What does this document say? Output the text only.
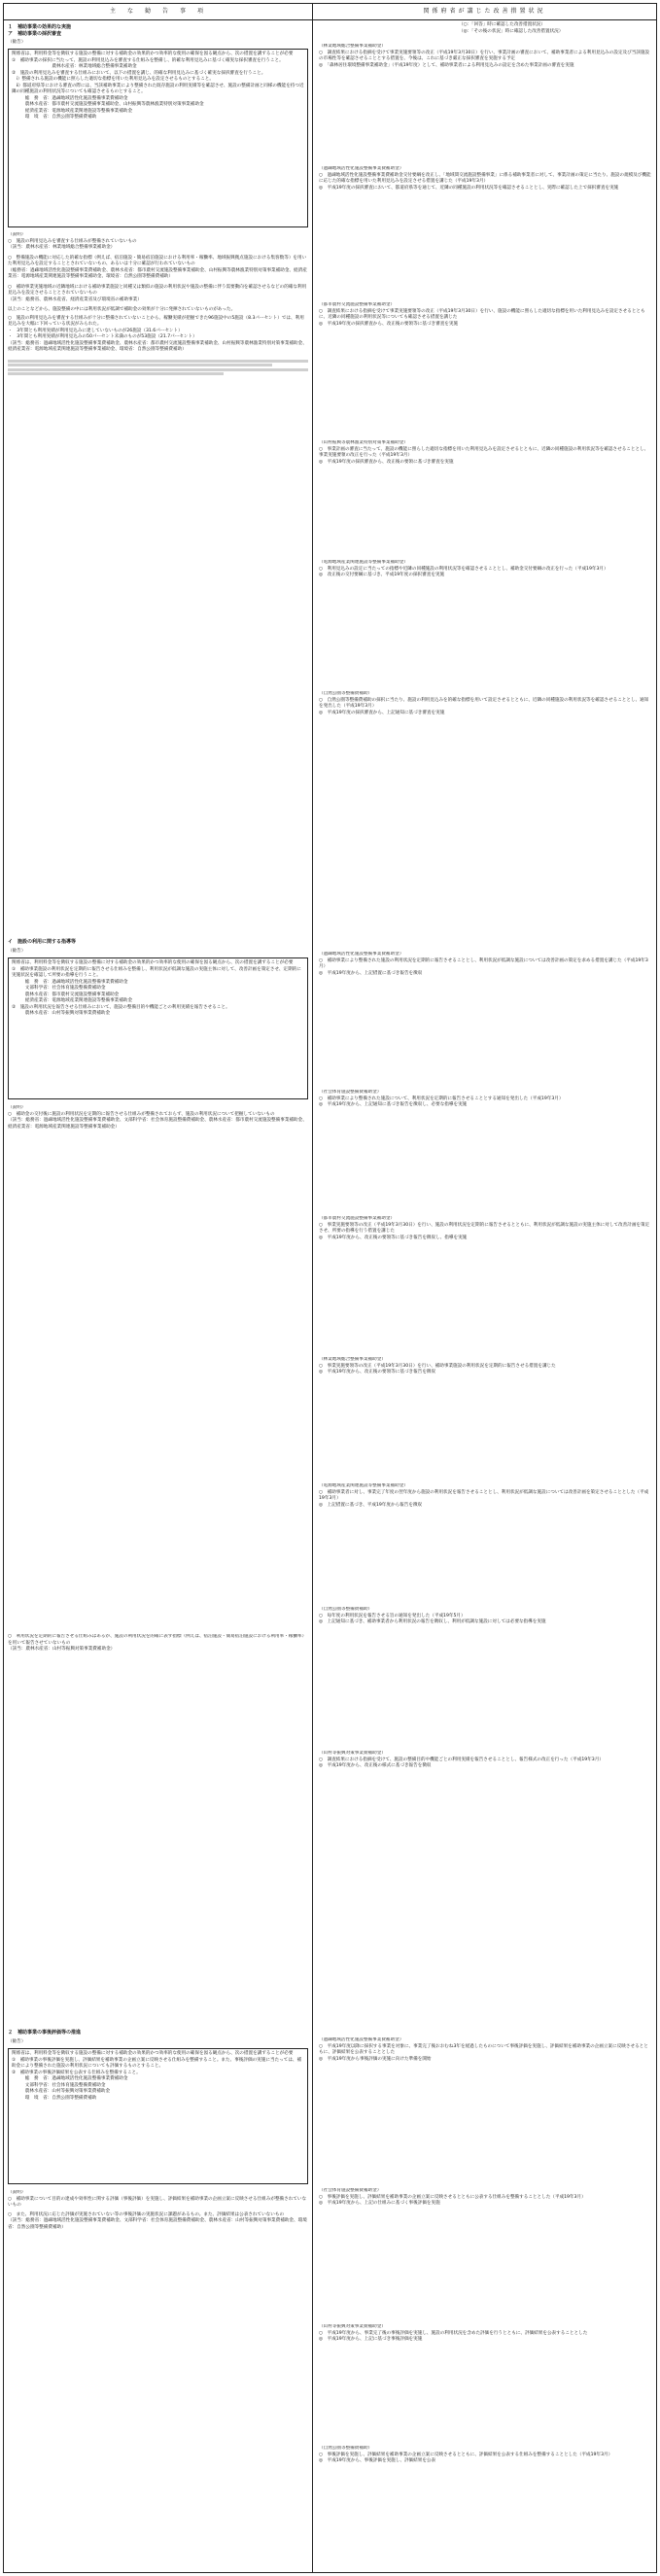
主　な　勧　告　事　項	関係府省が講じた改善措置状況
１　補助事業の効果的な実施
ア　補助事業の採択審査
（勧告）
関係省は、利用料金等を徴収する施設の整備に対する補助金の効果的かつ効率的な使用の確保を図る観点から、次の措置を講ずることが必要
①　補助事業の採択に当たって、施設の利用見込みを審査する仕組みを整備し、的確な利用見込みに基づく確実な採択審査を行うこと。
　　　　　　　　　農林水産省：林業地域総合整備事業補助金
②　施設の利用見込みを審査する仕組みにおいて、以下の措置を講じ、的確な利用見込みに基づく確実な採択審査を行うこと。
　ⅰ）整備される施設の機能に照らした適切な指標を用いた利用見込みを設定させるものとすること。
　ⅱ）都道府県等における審査の際には、当該補助事業により整備された既存施設の利用実績等を確認させ、施設の整備計画と同様の機能を持つ近隣の同種施設の利用状況等についても確認させるものとすること。
　　　総　務　省：過疎地域活性化施設整備事業費補助金
　　　農林水産省：都市農村交流施設整備事業補助金、山村振興等農林漁業特別対策事業補助金
　　　経済産業省：電源地域産業関連施設等整備事業補助金
　　　環　境　省：自然公園等整備費補助
（説明）
○　施設の利用見込みを審査する仕組みが整備されていないもの
（該当：農林水産省：林業地域総合整備事業補助金）
○　整備施設の機能に対応した的確な指標（例えば、宿泊施設・簡易宿泊施設における利用率・稼働率、地域振興拠点施設における集客数等）を用いた利用見込みを設定することとされていないもの、あるいは十分に確認が行われていないもの
（総務省：過疎地域活性化施設整備事業費補助金、農林水産省：都市農村交流施設整備事業補助金、山村振興等農林漁業特別対策事業補助金、経済産業省：電源地域産業関連施設等整備事業補助金、環境省：自然公園等整備費補助）
○　補助事業実施地域の近隣地域における補助事業施設と同種又は類似の施設の利用状況や施設の整備に伴う需要動向を確認させるなどの的確な利用見込みを設定させることとされていないもの
（該当：総務省、農林水産省、経済産業省及び環境省の補助事業）
以上のことなどから、施設整備の中には利用状況が低調で補助金の効果が十分に発揮されていないものがあった。
○　施設の利用見込みを審査する仕組みが十分に整備されていないことから、稼働実績が把握できた96施設中の5施設（8.3パーセント）では、利用見込みを大幅に下回っている状況がみられた。
・　3年間とも利用実績が利用見込みに達していないものが26施設（31.6パーセント）
・　3年間とも利用実績が利用見込みの50パーセント未満のものが53施設（21.7パーセント）
（該当：総務省：過疎地域活性化施設整備事業費補助金、農林水産省：都市農村交流施設整備事業補助金、山村振興等農林漁業特別対策事業補助金、経済産業省：電源地域産業関連施設等整備事業補助金、環境省：自然公園等整備費補助）
イ　施設の利用に関する指導等
（勧告）
関係省は、利用料金等を徴収する施設の整備に対する補助金の効果的かつ効率的な使用の確保を図る観点から、次の措置を講ずることが必要
①　補助事業施設の利用状況を定期的に報告させる仕組みを整備し、利用状況が低調な施設の実施主体に対して、改善計画を策定させ、定期的に実施状況を確認して所要の指導を行うこと。
　　　総　務　省：過疎地域活性化施設整備事業費補助金
　　　文部科学省：社会体育施設整備費補助金
　　　農林水産省：都市農村交流施設整備事業補助金
　　　経済産業省：電源地域産業関連施設等整備事業補助金
②　施設の利用状況を報告させる仕組みにおいて、施設の整備目的や機能ごとの利用実績を報告させること。
　　　農林水産省：山村等振興対策事業費補助金
（説明）
○　補助金の交付後に施設の利用状況を定期的に報告させる仕組みが整備されておらず、施設の利用状況について把握していないもの
（該当：総務省：過疎地域活性化施設整備事業費補助金、文部科学省：社会体育施設整備費補助金、農林水産省：都市農村交流施設整備事業補助金、経済産業省：電源地域産業関連施設等整備事業補助金）
○　利用状況を定期的に報告させる仕組みはあるが、施設の利用状況を的確に表す指標（例えば、宿泊施設・簡易宿泊施設における利用率・稼働率）を用いて報告させていないもの
（該当：農林水産省：山村等振興対策事業費補助金）
２　補助事業の事後評価等の推進
（勧告）
関係省は、利用料金等を徴収する施設の整備に対する補助金の効果的かつ効率的な使用の確保を図る観点から、次の措置を講ずることが必要
①　補助事業の事後評価を実施し、評価結果を補助事業の企画立案に反映させる仕組みを整備すること。また、事後評価の実施に当たっては、補助金により整備された施設の利用状況についても評価するものとすること。
②　補助事業の事後評価結果を公表する仕組みを整備すること。
　　　総　務　省：過疎地域活性化施設整備事業費補助金
　　　文部科学省：社会体育施設整備費補助金
　　　農林水産省：山村等振興対策事業費補助金
　　　環　境　省：自然公園等整備費補助
（説明）
○　補助事業について目的の達成や効率性に関する評価（事後評価）を実施し、評価結果を補助事業の企画立案に反映させる仕組みが整備されていないもの
○　また、利用状況に応じた評価が実施されていない等の事後評価の実施状況に課題があるもの。また、評価結果は公表されていないもの
（該当：総務省：過疎地域活性化施設整備事業費補助金、文部科学省：社会体育施設整備費補助金、農林水産省：山村等振興対策事業費補助金、環境省：自然公園等整備費補助）
（○：「回答」時に確認した改善措置状況）
（◎：「その後の状況」時に確認した改善措置状況）
（林業地域総合整備事業補助金）
○　調査結果における指摘を受けて事業実施要領等の改正（平成19年3月30日）を行い、事業計画の審査において、補助事業者による利用見込みの設定及び当該施設の市場性等を確認させることとする措置を、今後は、これに基づき厳正な採択審査を実施する予定
◎　「森林居住環境整備事業補助金」（平成19年度）として、補助事業者による利用見込みの設定を含めた事業計画の審査を実施
（過疎地域活性化施設整備事業費補助金）
○　過疎地域活性化施設整備事業費補助金交付要綱を改正し、「地域間交流施設整備事業」に係る補助事業者に対して、事業計画の策定に当たり、施設の規模及び機能に応じた的確な指標を用いた利用見込みを設定させる措置を講じた（平成19年3月）
◎　平成19年度の採択審査において、都道府県等を通じて、近隣の同種施設の利用状況等を確認させることとし、実際に確認した上で採択審査を実施
（都市農村交流施設整備事業補助金）
○　調査結果における指摘を受けて事業実施要領等の改正（平成19年3月30日）を行い、施設の機能に照らした適切な指標を用いた利用見込みを設定させるとともに、近隣の同種施設の利用状況等についても確認させる措置を講じた
◎　平成19年度の採択審査から、改正後の要領等に基づき審査を実施
（山村振興等農林漁業特別対策事業補助金）
○　事業計画の審査に当たって、施設の機能に照らした適切な指標を用いた利用見込みを設定させるとともに、近隣の同種施設の利用状況等を確認させることとし、事業実施要領の改正を行った（平成19年3月）
◎　平成19年度の採択審査から、改正後の要領に基づき審査を実施
（電源地域産業関連施設等整備事業補助金）
○　利用見込みの設定に当たっての指標や近隣の同種施設の利用状況等を確認させることとし、補助金交付要綱の改正を行った（平成19年3月）
◎　改正後の交付要綱に基づき、平成19年度の採択審査を実施
（自然公園等整備費補助）
○　自然公園等整備費補助の採択に当たり、施設の利用見込みを的確な指標を用いて設定させるとともに、近隣の同種施設の利用状況等を確認させることとし、通知を発出した（平成19年3月）
◎　平成19年度の採択審査から、上記通知に基づき審査を実施
（過疎地域活性化施設整備事業費補助金）
○　補助事業により整備された施設の利用状況を定期的に報告させることとし、利用状況が低調な施設については改善計画の策定を求める措置を講じた（平成19年3月）
◎　平成19年度から、上記措置に基づき報告を徴収
（社会体育施設整備費補助金）
○　補助事業により整備された施設について、利用状況を定期的に報告させることとする通知を発出した（平成19年3月）
◎　平成19年度から、上記通知に基づき報告を徴収し、必要な指導を実施
（都市農村交流施設整備事業補助金）
○　事業実施要領等の改正（平成19年3月30日）を行い、施設の利用状況を定期的に報告させるとともに、利用状況が低調な施設の実施主体に対して改善計画を策定させ、所要の指導を行う措置を講じた
◎　平成19年度から、改正後の要領等に基づき報告を徴収し、指導を実施
（林業地域総合整備事業補助金）
○　事業実施要領等の改正（平成19年3月30日）を行い、補助事業施設の利用状況を定期的に報告させる措置を講じた
◎　平成19年度から、改正後の要領等に基づき報告を徴収
（電源地域産業関連施設等整備事業補助金）
○　補助事業者に対し、事業完了年度の翌年度から施設の利用状況を報告させることとし、利用状況が低調な施設については改善計画を策定させることとした（平成19年3月）
◎　上記措置に基づき、平成19年度から報告を徴収
（自然公園等整備費補助）
○　毎年度の利用状況を報告させる旨の通知を発出した（平成19年5月）
◎　上記通知に基づき、補助事業者から利用状況の報告を徴収し、利用が低調な施設に対しては必要な指導を実施
（山村等振興対策事業費補助金）
○　調査結果における指摘を受けて、施設の整備目的や機能ごとの利用実績を報告させることとし、報告様式の改正を行った（平成19年3月）
◎　平成19年度から、改正後の様式に基づき報告を徴収
（過疎地域活性化施設整備事業費補助金）
○　平成19年度以降に採択する事業を対象に、事業完了後おおむね3年を経過したものについて事後評価を実施し、評価結果を補助事業の企画立案に反映させるとともに、評価結果を公表することとした
◎　平成19年度から事後評価の実施に向けた準備を開始
（社会体育施設整備費補助金）
○　事後評価を実施し、評価結果を補助事業の企画立案に反映させるとともに公表する仕組みを整備することとした（平成19年3月）
◎　平成19年度から、上記の仕組みに基づく事後評価を実施
（山村等振興対策事業費補助金）
○　平成19年度から、事業完了後の事後評価を実施し、施設の利用状況を含めた評価を行うとともに、評価結果を公表することとした
◎　平成19年度から、上記に基づき事後評価を実施
（自然公園等整備費補助）
○　事後評価を実施し、評価結果を補助事業の企画立案に反映させるとともに、評価結果を公表する仕組みを整備することとした（平成19年3月）
◎　平成19年度から、事後評価を実施し、評価結果を公表
